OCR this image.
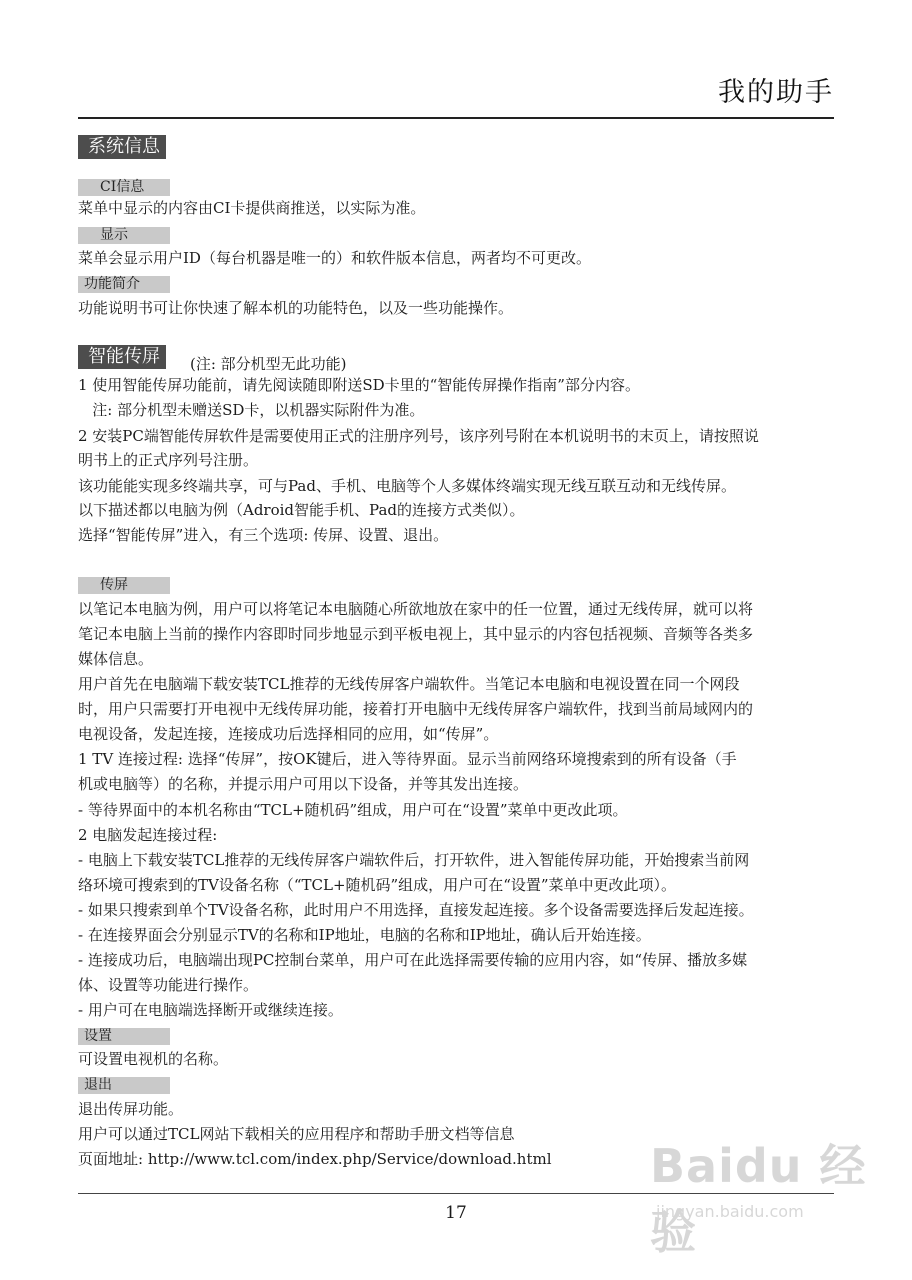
我的助手
系统信息
CI信息
菜单中显示的内容由CI卡提供商推送，以实际为准。
显示
菜单会显示用户ID（每台机器是唯一的）和软件版本信息，两者均不可更改。
功能简介
功能说明书可让你快速了解本机的功能特色，以及一些功能操作。
智能传屏	(注: 部分机型无此功能)
1 使用智能传屏功能前，请先阅读随即附送SD卡里的“智能传屏操作指南”部分内容。
注: 部分机型未赠送SD卡，以机器实际附件为准。
2 安装PC端智能传屏软件是需要使用正式的注册序列号，该序列号附在本机说明书的末页上，请按照说
明书上的正式序列号注册。
该功能能实现多终端共享，可与Pad、手机、电脑等个人多媒体终端实现无线互联互动和无线传屏。
以下描述都以电脑为例（Adroid智能手机、Pad的连接方式类似）。
选择“智能传屏”进入，有三个选项: 传屏、设置、退出。
传屏
以笔记本电脑为例，用户可以将笔记本电脑随心所欲地放在家中的任一位置，通过无线传屏，就可以将
笔记本电脑上当前的操作内容即时同步地显示到平板电视上，其中显示的内容包括视频、音频等各类多
媒体信息。
用户首先在电脑端下载安装TCL推荐的无线传屏客户端软件。当笔记本电脑和电视设置在同一个网段
时，用户只需要打开电视中无线传屏功能，接着打开电脑中无线传屏客户端软件，找到当前局域网内的
电视设备，发起连接，连接成功后选择相同的应用，如“传屏”。
1 TV 连接过程: 选择“传屏”，按OK键后，进入等待界面。显示当前网络环境搜索到的所有设备（手
机或电脑等）的名称，并提示用户可用以下设备，并等其发出连接。
- 等待界面中的本机名称由“TCL+随机码”组成，用户可在“设置”菜单中更改此项。
2 电脑发起连接过程:
- 电脑上下载安装TCL推荐的无线传屏客户端软件后，打开软件，进入智能传屏功能，开始搜索当前网
络环境可搜索到的TV设备名称（“TCL+随机码”组成，用户可在“设置”菜单中更改此项）。
- 如果只搜索到单个TV设备名称，此时用户不用选择，直接发起连接。多个设备需要选择后发起连接。
- 在连接界面会分别显示TV的名称和IP地址，电脑的名称和IP地址，确认后开始连接。
- 连接成功后，电脑端出现PC控制台菜单，用户可在此选择需要传输的应用内容，如“传屏、播放多媒
体、设置等功能进行操作。
- 用户可在电脑端选择断开或继续连接。
设置
可设置电视机的名称。
退出
退出传屏功能。
用户可以通过TCL网站下载相关的应用程序和帮助手册文档等信息
页面地址: http://www.tcl.com/index.php/Service/download.html
17
Baidu 经验
jingyan.baidu.com
